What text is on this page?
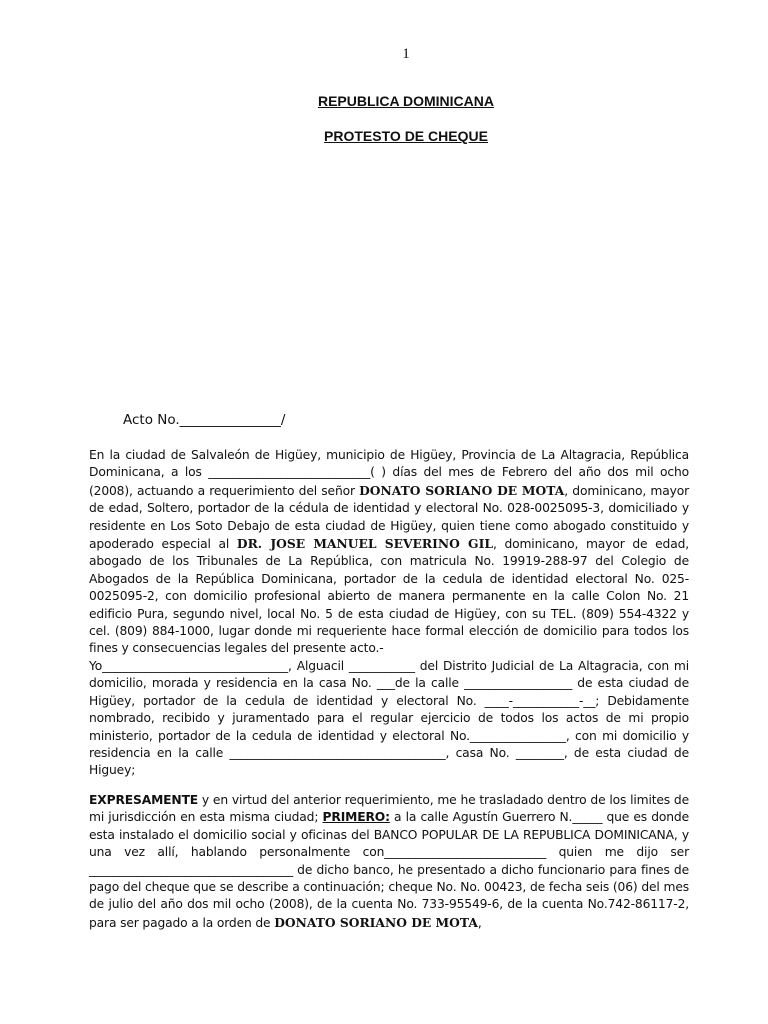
1
REPUBLICA DOMINICANA
PROTESTO DE CHEQUE
Acto No._______________/

En la ciudad de Salvaleón de Higüey, municipio de Higüey, Provincia de La Altagracia, República Dominicana, a los ___________________________( ) días del mes de Febrero del año dos mil ocho (2008), actuando a requerimiento del señor DONATO SORIANO DE MOTA, dominicano, mayor de edad, Soltero, portador de la cédula de identidad y electoral No. 028-0025095-3, domiciliado y residente en Los Soto Debajo de esta ciudad de Higüey, quien tiene como abogado constituido y apoderado especial al DR. JOSE MANUEL SEVERINO GIL, dominicano, mayor de edad, abogado de los Tribunales de La República, con matricula No. 19919-288-97 del Colegio de Abogados de la República Dominicana, portador de la cedula de identidad electoral No. 025-0025095-2, con domicilio profesional abierto de manera permanente en la calle Colon No. 21 edificio Pura, segundo nivel, local No. 5 de esta ciudad de Higüey, con su TEL. (809) 554-4322 y cel. (809) 884-1000, lugar donde mi requeriente hace formal elección de domicilio para todos los fines y consecuencias legales del presente acto.-

Yo_______________________________, Alguacil ___________ del Distrito Judicial de La Altagracia, con mi domicilio, morada y residencia en la casa No. ___de la calle __________________ de esta ciudad de Higüey, portador de la cedula de identidad y electoral No. ____-___________-__; Debidamente nombrado, recibido y juramentado para el regular ejercicio de todos los actos de mi propio ministerio, portador de la cedula de identidad y electoral No.________________, con mi domicilio y residencia en la calle ____________________________________, casa No. ________, de esta ciudad de Higuey;

EXPRESAMENTE y en virtud del anterior requerimiento, me he trasladado dentro de los limites de mi jurisdicción en esta misma ciudad; PRIMERO: a la calle Agustín Guerrero N._____ que es donde esta instalado el domicilio social y oficinas del BANCO POPULAR DE LA REPUBLICA DOMINICANA, y una vez allí, hablando personalmente con___________________________ quien me dijo ser __________________________________ de dicho banco, he presentado a dicho funcionario para fines de pago del cheque que se describe a continuación; cheque No. No. 00423, de fecha seis (06) del mes de julio del año dos mil ocho (2008), de la cuenta No. 733-95549-6, de la cuenta No.742-86117-2, para ser pagado a la orden de DONATO SORIANO DE MOTA,
